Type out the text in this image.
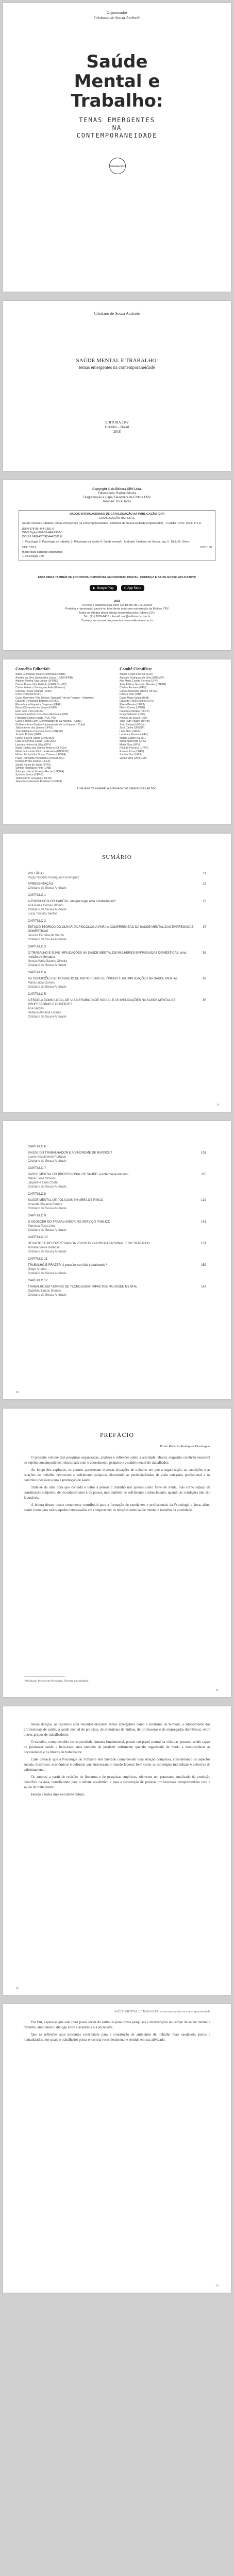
Organizador
Cristiano de Sousa Andrade
Saúde
Mental e
Trabalho:
TEMAS EMERGENTES
NA
CONTEMPORANEIDADE
EDITORA CRV
Cristiano de Sousa Andrade
SAÚDE MENTAL E TRABALHO:
temas emergentes na contemporaneidade
EDITORA CRV
Curitiba – Brasil
2018
Copyright © da Editora CRV Ltda.
Editor-chefe: Railson Moura
Diagramação e Capa: Designers da Editora CRV
Revisão: Os Autores
DADOS INTERNACIONAIS DE CATALOGAÇÃO NA PUBLICAÇÃO (CIP)
CATALOGAÇÃO NA FONTE
Saúde mental e trabalho: temas emergentes na contemporaneidade / Cristiano de Sousa Andrade (organizador) – Curitiba : CRV, 2018. 176 p.
ISBN 978-85-444-2381-0
ISBN Digital 978-85-444-2380-3
DOI 10.24824/978854442381.0
1. Psicologia 2. Psicologia do trabalho 3. Psicologia da saúde 4. Saúde mental I. Andrade, Cristiano de Sousa. org. II. Título III. Série.
CDU 159.9	CDD 150
Índice para catálogo sistemático
1. Psicologia 150
ESTA OBRA TAMBÉM SE ENCONTRA DISPONÍVEL EM FORMATO DIGITAL. CONHEÇA E BAIXE NOSSO APLICATIVO!
▶ Google Play	● App Store
2018
Foi feito o depósito legal conf. Lei 10.994 de 14/12/2004
Proibida a reprodução parcial ou total desta obra sem autorização da Editora CRV
Todos os direitos desta edição reservados pela: Editora CRV
Tel.: (41) 3039-6418 - E-mail: sac@editoracrv.com.br
Conheça os nossos lançamentos: www.editoracrv.com.br
Conselho Editorial:
Aldira Guimarães Duarte Domínguez (UNB)
Andréia da Silva Quintanilha Sousa (UNIR/UFRN)
Antônio Pereira Gaio Júnior (UFRRJ)
Carlos Alberto Vilar Estêvão (UMINHO – PT)
Carlos Federico Dominguez Avila (Unieuro)
Carmen Tereza Velanga (UNIR)
Celso Conti (UFSCar)
Cesar Gerónimo Tello (Univer. Nacional Três de Febrero – Argentina)
Eduardo Fernandes Barbosa (UFMG)
Elione Maria Nogueira Diogenes (UFAL)
Elizeu Clementino de Souza (UNEB)
Élsio José Corá (UFFS)
Fernando Antônio Gonçalves Alcoforado (IPB)
Francisco Carlos Duarte (PUC-PR)
Gloria Fariñas León (Universidade de La Havana – Cuba)
Guillermo Arias Beatón (Universidade de La Havana – Cuba)
Jailson Alves dos Santos (UFRJ)
João Adalberto Campato Junior (UNESP)
Josania Portela (UFPI)
Leonel Severo Rocha (UNISINOS)
Lídia de Oliveira Xavier (UNIEURO)
Lourdes Helena da Silva (UFV)
Maria Cristina dos Santos Bezerra (UFSCar)
Maria de Lourdes Pinto de Almeida (UNOESC)
Maria Lília Imbiriba Sousa Colares (UFOPA)
Paulo Romualdo Hernandes (UNIFAL-MG)
Rodrigo Pratte-Santos (UFES)
Sérgio Nunes de Jesus (IFRO)
Simone Rodrigues Pinto (UNB)
Solange Helena Ximenes-Rocha (UFOPA)
Sydione Santos (UEPG)
Tadeu Oliver Gonçalves (UFPA)
Tania Suely Azevedo Brasileiro (UFOPA)
Comitê Científico:
Abigail Fregni Lins (UFSCar)
Agnaldo Rodrigues da Silva (UNEMAT)
Ana Maria Cuesta Ferreira (UFV)
Anita Fátima Gasparin Mendes (UTFPR)
Cristina Andrade (UFV)
Carlos Alexandre Ribeiro (UFSC)
Débora Diniz (UNB)
Diana Maria Sousa (UnB)
Eduardo Felício Soares (UFU)
Eliana Pereira (UFRJ)
Flávio Correa (UFMG)
Francisco Martins (UFPR)
Graça Valentim (UFC)
Heloísa de Souza (USP)
Jane Ruth Rauber (UFPB)
João Batista (UFSCar)
José Carlos (UNESP)
Lívia Melo (UFMG)
Lucimara Fonseca (UEL)
Márcia Castro (UFMG)
Maria Aparecida (UFC)
Maria Elisa (UFV)
Ricardo Fonseca (UFPE)
Rosana Lima (UERJ)
Sandra Dias (UFU)
Vanda Silva (UNIFESP)
Este livro foi avaliado e aprovado por pareceristas ad hoc.
SUMÁRIO
PREFÁCIO	11
Paulo Roberto Rodrigues Dominguez
APRESENTAÇÃO	13
Cristiano de Sousa Andrade
CAPÍTULO 1
A PSICOLOGIA DO CAPITAL: em que lugar está o trabalhador?	15
Ana Paula Gomes Ribeiro
Cristiano de Sousa Andrade
Lucia Teixeira Santos
CAPÍTULO 2
ESTUDO TEÓRICO DO OLHAR DA PSICOLOGIA PARA A COMPREENSÃO DA SAÚDE MENTAL DAS EMPREGADAS DOMÉSTICAS
37
Jessica Ferreira de Souza
Cristiano de Sousa Andrade
CAPÍTULO 3
O TRABALHO E SUAS IMPLICAÇÕES NA SAÚDE MENTAL DE MULHERES EMPREGADAS DOMÉSTICAS: uma revisão de literatura
53
Neusa Maria Santos Oliveira
Cristiano de Sousa Andrade
CAPÍTULO 4
AS CONDIÇÕES DE TRABALHO DE MOTORISTAS DE ÔNIBUS E AS IMPLICAÇÕES NA SAÚDE MENTAL	69
Maria Lucia Gomes
Cristiano de Sousa Andrade
CAPÍTULO 5
A ESCOLA COMO LOCAL DE VULNERABILIDADE SOCIAL E AS IMPLICAÇÕES NA SAÚDE MENTAL DE PROFESSORAS E DOCENTES
85
Ana Vargas
Rebeca Almeida Gomes
Cristiano de Sousa Andrade
9
CAPÍTULO 6
SAÚDE DO TRABALHADOR E A SÍNDROME DE BURNOUT	101
Luane Nascimento Portucal
Cristiano de Sousa Andrade
CAPÍTULO 7
SAÚDE MENTAL DO PROFISSIONAL DE SAÚDE: a enfermeira em foco	115
Maria Elena Simões
Jaqueline Lima Costa
Cristiano de Sousa Andrade
CAPÍTULO 8
SAÚDE MENTAL DE POLICIAIS EM ÁREA DE RISCO	129
Amanda Siqueira Pereira
Cristiano de Sousa Andrade
CAPÍTULO 9
O ADOECER DO TRABALHADOR NO SERVIÇO PÚBLICO	141
Vanessa Rosa Lima
Cristiano de Sousa Andrade
CAPÍTULO 10
DESAFIOS E PERSPECTIVAS DA PSICOLOGIA ORGANIZACIONAL E DO TRABALHO	151
Adriana Vieira Barbosa
Cristiano de Sousa Andrade
CAPÍTULO 11
TRABALHO E PRAZER: é possível ser feliz trabalhando?	159
Diego Amaral
Cristiano de Sousa Andrade
CAPÍTULO 12
TRABALHO EM TEMPOS DE TECNOLOGIA: IMPACTOS NA SAÚDE MENTAL	167
Gabriela Santos Gomes
Cristiano de Sousa Andrade
10
PREFÁCIO
Paulo Roberto Rodrigues Dominguez

O presente volume traz pesquisas organizadas, análises e reflexões sobre a atividade laboral, enquanto condição essencial ao sujeito contemporâneo, relacionada com o adoecimento psíquico e a saúde mental do trabalhador.

Ao longo dos capítulos, os autores apresentam diversas situações de trabalho em que a organização, as condições e as relações de trabalho favorecem o sofrimento psíquico, discutindo as particularidades de cada categoria profissional e os caminhos possíveis para a promoção de saúde.

Trata-se de uma obra que convida o leitor a pensar o trabalho não apenas como fonte de renda, mas como espaço de constituição subjetiva, de reconhecimento e de prazer, mas também de sofrimento e adoecimento, quando as condições não são favoráveis.

A leitura destes textos certamente contribuirá para a formação de estudantes e profissionais da Psicologia e áreas afins, assim como para todos aqueles interessados em compreender as relações entre saúde mental e trabalho na atualidade.

¹ Psicólogo, Mestre em Psicologia, Docente universitário.
11

Nessa direção, os capítulos aqui reunidos discutem temas emergentes como a síndrome de burnout, o adoecimento dos profissionais de saúde, a saúde mental de policiais, de motoristas de ônibus, de professoras e de empregadas domésticas, entre outros grupos de trabalhadores.

O trabalho, compreendido como atividade humana fundamental, possui um papel central na vida das pessoas, sendo capaz de promover saúde e bem-estar, mas também de produzir sofrimento quando organizado de modo a desconsiderar as necessidades e os limites do trabalhador.

Cabe destacar que a Psicologia do Trabalho tem buscado compreender essa relação complexa, considerando os aspectos sociais, históricos, econômicos e culturais que atravessam o mundo laboral, bem como as estratégias individuais e coletivas de enfrentamento.

Os autores, a partir de revisões de literatura e de pesquisas empíricas, oferecem um panorama atualizado da produção científica na área, contribuindo para o debate acadêmico e para a construção de práticas profissionais comprometidas com a saúde do trabalhador.

Desejo a todos uma excelente leitura.

12
SAÚDE MENTAL E TRABALHO: temas emergentes na contemporaneidade

Por fim, espera-se que este livro possa servir de estímulo para novas pesquisas e intervenções no campo da saúde mental e trabalho, ampliando o diálogo entre a academia e a sociedade.

Que as reflexões aqui presentes contribuam para a construção de ambientes de trabalho mais saudáveis, justos e humanizados, nos quais o trabalhador possa encontrar reconhecimento e sentido em sua atividade.

13
